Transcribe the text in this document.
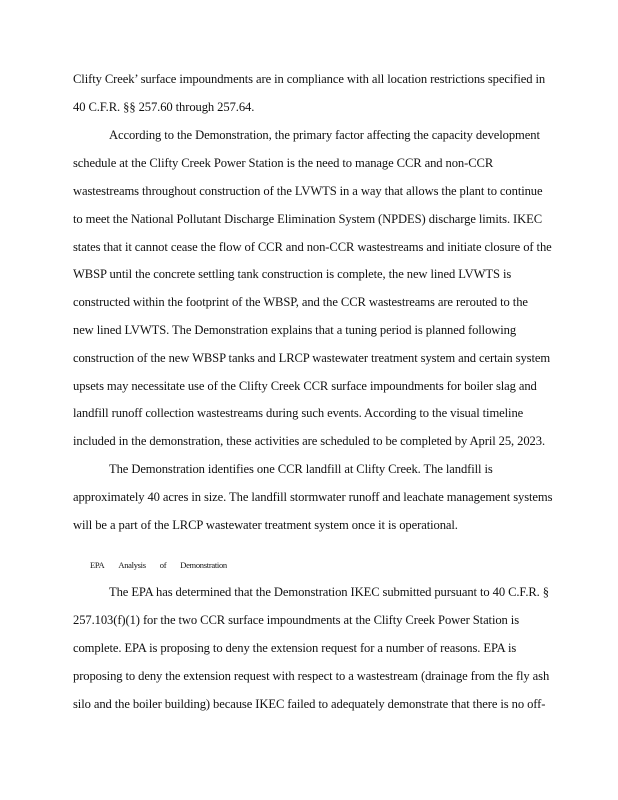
Clifty Creek’ surface impoundments are in compliance with all location restrictions specified in
40 C.F.R. §§ 257.60 through 257.64.
According to the Demonstration, the primary factor affecting the capacity development
schedule at the Clifty Creek Power Station is the need to manage CCR and non-CCR
wastestreams throughout construction of the LVWTS in a way that allows the plant to continue
to meet the National Pollutant Discharge Elimination System (NPDES) discharge limits. IKEC
states that it cannot cease the flow of CCR and non-CCR wastestreams and initiate closure of the
WBSP until the concrete settling tank construction is complete, the new lined LVWTS is
constructed within the footprint of the WBSP, and the CCR wastestreams are rerouted to the
new lined LVWTS. The Demonstration explains that a tuning period is planned following
construction of the new WBSP tanks and LRCP wastewater treatment system and certain system
upsets may necessitate use of the Clifty Creek CCR surface impoundments for boiler slag and
landfill runoff collection wastestreams during such events. According to the visual timeline
included in the demonstration, these activities are scheduled to be completed by April 25, 2023.
The Demonstration identifies one CCR landfill at Clifty Creek. The landfill is
approximately 40 acres in size. The landfill stormwater runoff and leachate management systems
will be a part of the LRCP wastewater treatment system once it is operational.
EPA Analysis of Demonstration
The EPA has determined that the Demonstration IKEC submitted pursuant to 40 C.F.R. §
257.103(f)(1) for the two CCR surface impoundments at the Clifty Creek Power Station is
complete. EPA is proposing to deny the extension request for a number of reasons. EPA is
proposing to deny the extension request with respect to a wastestream (drainage from the fly ash
silo and the boiler building) because IKEC failed to adequately demonstrate that there is no off-
